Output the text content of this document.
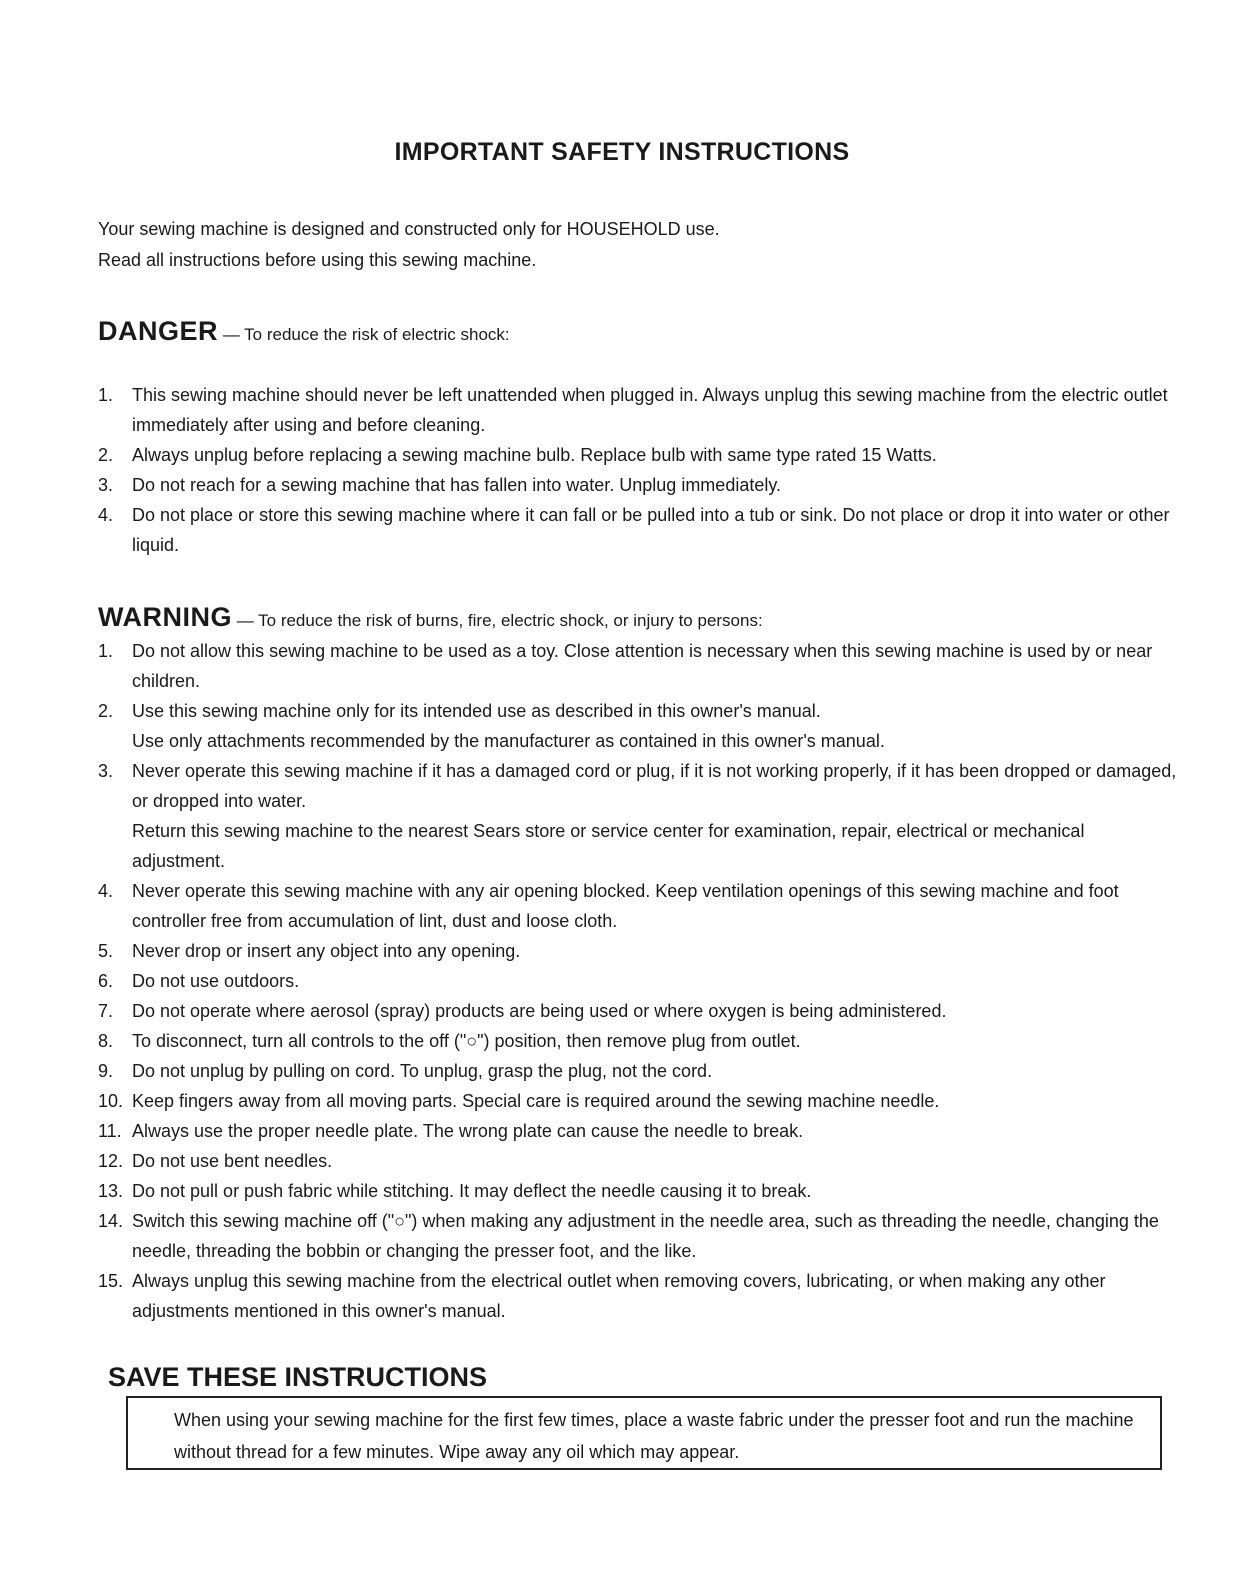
IMPORTANT SAFETY INSTRUCTIONS
Your sewing machine is designed and constructed only for HOUSEHOLD use.
Read all instructions before using this sewing machine.
DANGER — To reduce the risk of electric shock:
1.	This sewing machine should never be left unattended when plugged in. Always unplug this sewing machine from the electric outlet immediately after using and before cleaning.
2.	Always unplug before replacing a sewing machine bulb. Replace bulb with same type rated 15 Watts.
3.	Do not reach for a sewing machine that has fallen into water. Unplug immediately.
4.	Do not place or store this sewing machine where it can fall or be pulled into a tub or sink. Do not place or drop it into water or other liquid.
WARNING — To reduce the risk of burns, fire, electric shock, or injury to persons:
1.	Do not allow this sewing machine to be used as a toy. Close attention is necessary when this sewing machine is used by or near children.
2.	Use this sewing machine only for its intended use as described in this owner's manual.
Use only attachments recommended by the manufacturer as contained in this owner's manual.
3.	Never operate this sewing machine if it has a damaged cord or plug, if it is not working properly, if it has been dropped or damaged, or dropped into water.
Return this sewing machine to the nearest Sears store or service center for examination, repair, electrical or mechanical adjustment.
4.	Never operate this sewing machine with any air opening blocked. Keep ventilation openings of this sewing machine and foot controller free from accumulation of lint, dust and loose cloth.
5.	Never drop or insert any object into any opening.
6.	Do not use outdoors.
7.	Do not operate where aerosol (spray) products are being used or where oxygen is being administered.
8.	To disconnect, turn all controls to the off ("○") position, then remove plug from outlet.
9.	Do not unplug by pulling on cord. To unplug, grasp the plug, not the cord.
10. Keep fingers away from all moving parts. Special care is required around the sewing machine needle.
11. Always use the proper needle plate. The wrong plate can cause the needle to break.
12. Do not use bent needles.
13. Do not pull or push fabric while stitching. It may deflect the needle causing it to break.
14. Switch this sewing machine off ("○") when making any adjustment in the needle area, such as threading the needle, changing the needle, threading the bobbin or changing the presser foot, and the like.
15. Always unplug this sewing machine from the electrical outlet when removing covers, lubricating, or when making any other adjustments mentioned in this owner's manual.
SAVE THESE INSTRUCTIONS
When using your sewing machine for the first few times, place a waste fabric under the presser foot and run the machine without thread for a few minutes. Wipe away any oil which may appear.
